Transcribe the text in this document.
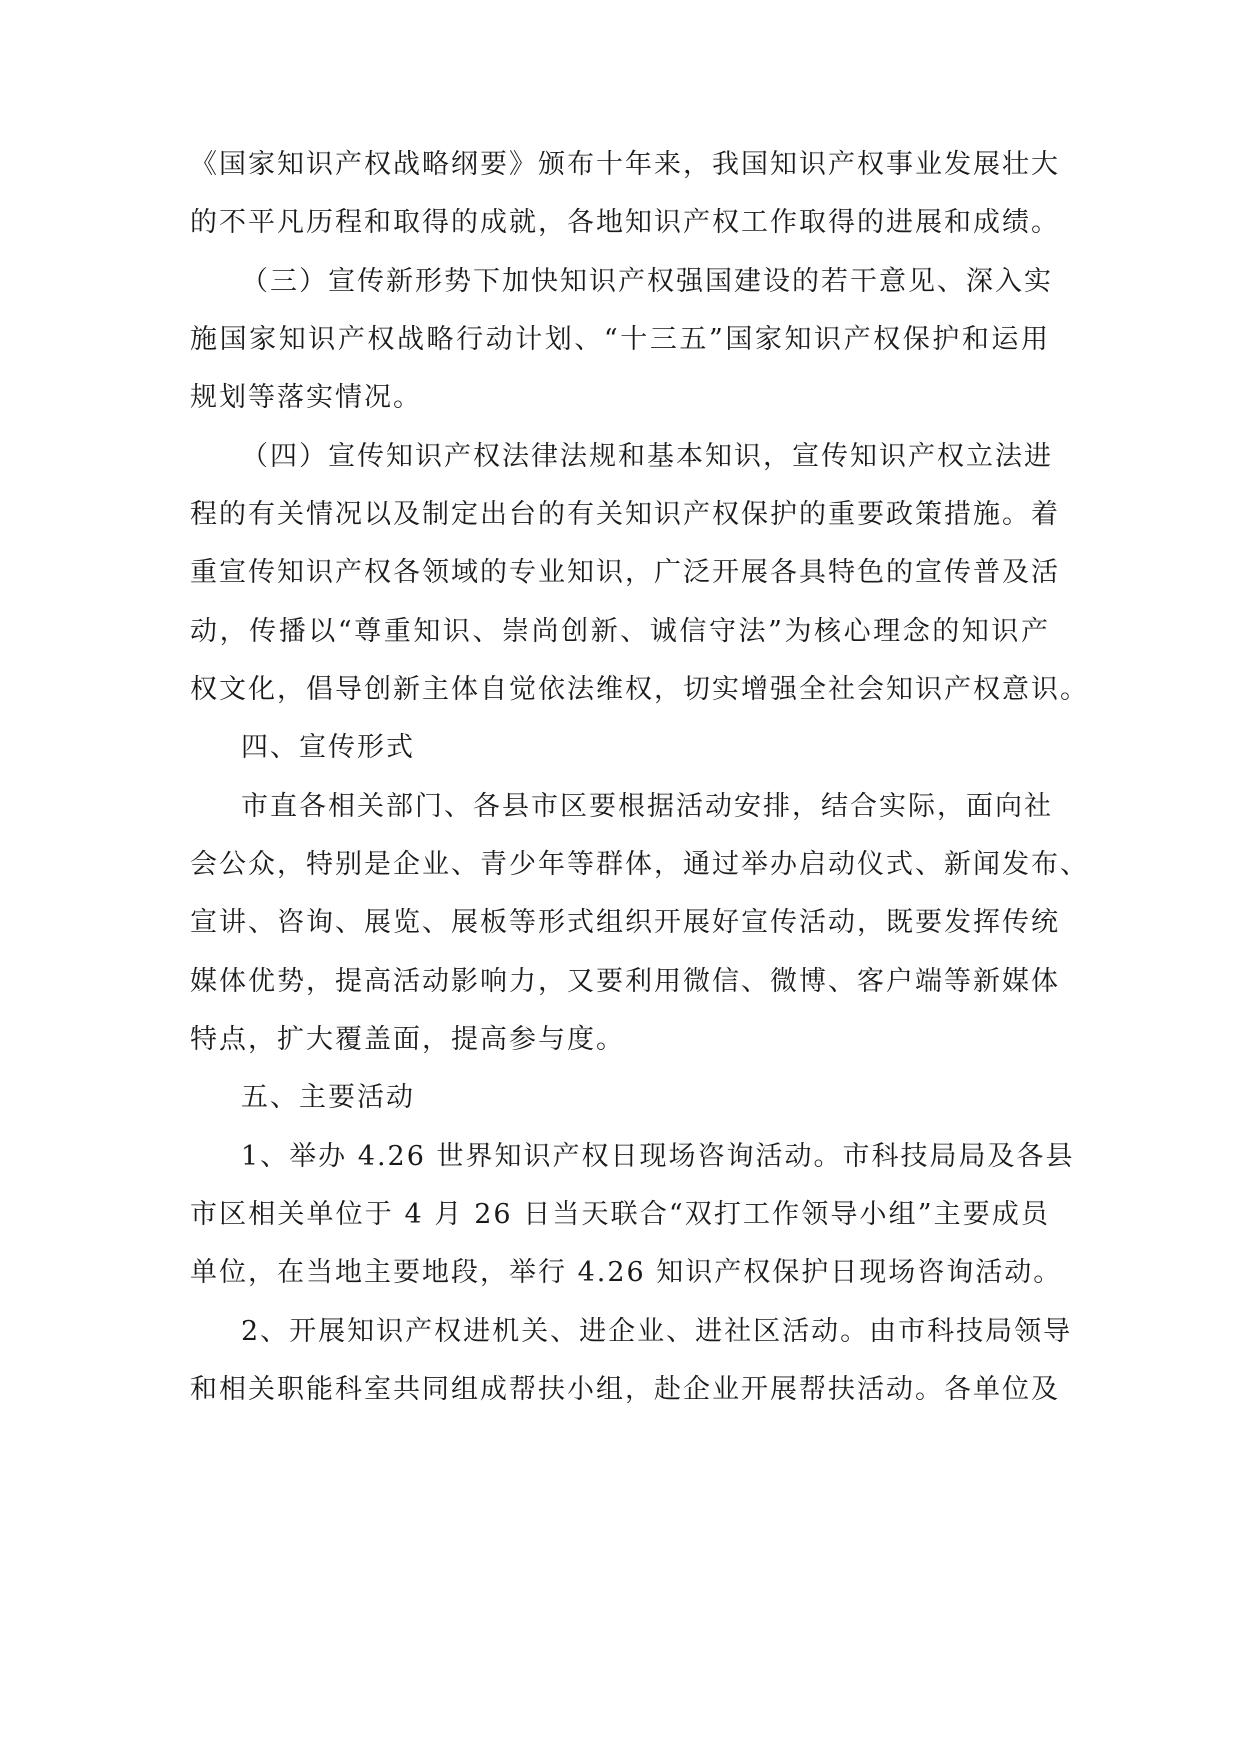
《国家知识产权战略纲要》颁布十年来，我国知识产权事业发展壮大
的不平凡历程和取得的成就，各地知识产权工作取得的进展和成绩。
（三）宣传新形势下加快知识产权强国建设的若干意见、深入实
施国家知识产权战略行动计划、“十三五”国家知识产权保护和运用
规划等落实情况。
（四）宣传知识产权法律法规和基本知识，宣传知识产权立法进
程的有关情况以及制定出台的有关知识产权保护的重要政策措施。着
重宣传知识产权各领域的专业知识，广泛开展各具特色的宣传普及活
动，传播以“尊重知识、崇尚创新、诚信守法”为核心理念的知识产
权文化，倡导创新主体自觉依法维权，切实增强全社会知识产权意识。
四、宣传形式
市直各相关部门、各县市区要根据活动安排，结合实际，面向社
会公众，特别是企业、青少年等群体，通过举办启动仪式、新闻发布、
宣讲、咨询、展览、展板等形式组织开展好宣传活动，既要发挥传统
媒体优势，提高活动影响力，又要利用微信、微博、客户端等新媒体
特点，扩大覆盖面，提高参与度。
五、主要活动
1、举办 4.26 世界知识产权日现场咨询活动。市科技局局及各县
市区相关单位于 4 月 26 日当天联合“双打工作领导小组”主要成员
单位，在当地主要地段，举行 4.26 知识产权保护日现场咨询活动。
2、开展知识产权进机关、进企业、进社区活动。由市科技局领导
和相关职能科室共同组成帮扶小组，赴企业开展帮扶活动。各单位及
